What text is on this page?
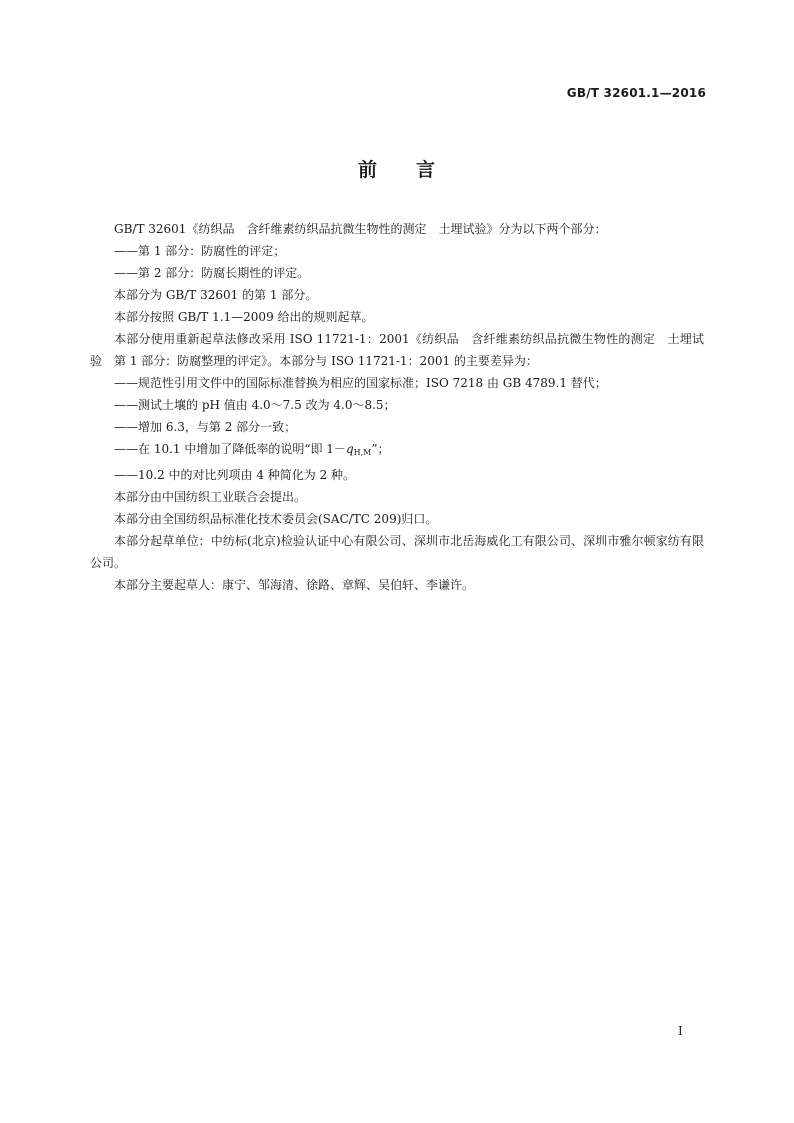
GB/T 32601.1—2016
前 言

GB/T 32601《纺织品　含纤维素纺织品抗微生物性的测定　土埋试验》分为以下两个部分：

——第 1 部分：防腐性的评定；

——第 2 部分：防腐长期性的评定。

本部分为 GB/T 32601 的第 1 部分。

本部分按照 GB/T 1.1—2009 给出的规则起草。

本部分使用重新起草法修改采用 ISO 11721-1：2001《纺织品　含纤维素纺织品抗微生物性的测定　土埋试验　第 1 部分：防腐整理的评定》。本部分与 ISO 11721-1：2001 的主要差异为：

——规范性引用文件中的国际标准替换为相应的国家标准；ISO 7218 由 GB 4789.1 替代；

——测试土壤的 pH 值由 4.0～7.5 改为 4.0～8.5；

——增加 6.3，与第 2 部分一致；

——在 10.1 中增加了降低率的说明“即 1－qH,M”；

——10.2 中的对比列项由 4 种简化为 2 种。

本部分由中国纺织工业联合会提出。

本部分由全国纺织品标准化技术委员会(SAC/TC 209)归口。

本部分起草单位：中纺标(北京)检验认证中心有限公司、深圳市北岳海威化工有限公司、深圳市雅尔顿家纺有限公司。

本部分主要起草人：康宁、邹海清、徐路、章辉、吴伯轩、李谦许。

I
